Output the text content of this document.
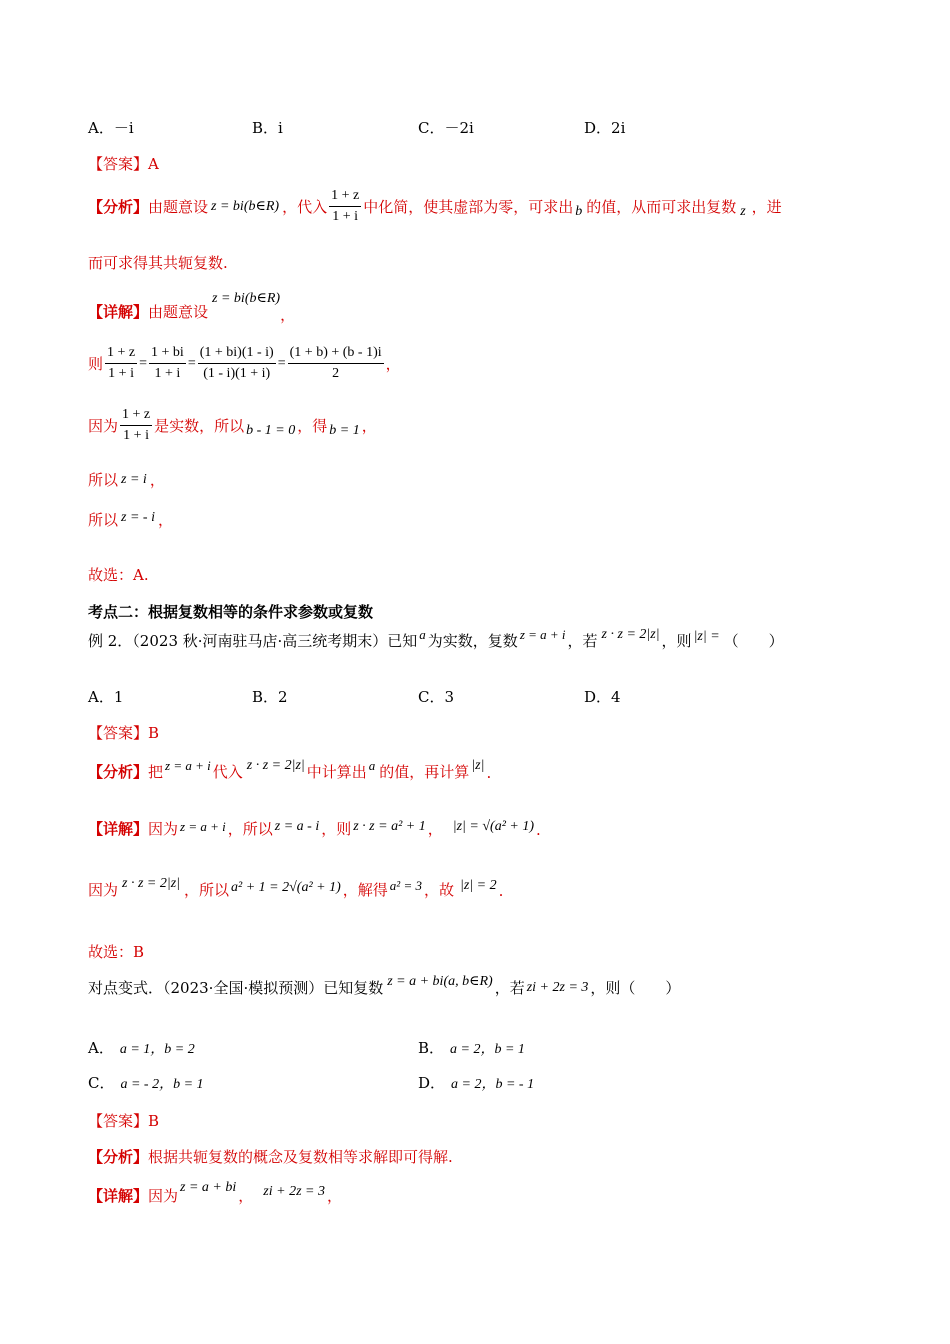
A．－i	B．i	C．－2i	D．2i
【答案】A
【分析】 由题意设 z = bi(b∈R) ，代入 $\frac{1 + z}{1 + i}$ 中化简，使其虚部为零，可求出 b 的值，从而可求出复数 z ，进
而可求得其共轭复数.
【详解】 由题意设
z = bi(b∈R)
，
则 $\frac{1 + z}{1 + i} = \frac{1 + bi}{1 + i} = \frac{(1 + bi)(1 - i)}{(1 - i)(1 + i)} = \frac{(1 + b) + (b - 1)i}{2}$ ，
因为 $\frac{1 + z}{1 + i}$ 是实数，所以 b - 1 = 0 ，得 b = 1 ，
所以 z = i ，
所以 z = - i ，
故选：A.
考点二：根据复数相等的条件求参数或复数
例 2．（2023 秋·河南驻马店·高三统考期末）已知 a 为实数，复数 z = a + i ，若 z · z = 2|z| ，则 |z| = （　　）
A．1	B．2	C．3	D．4
【答案】B
【分析】 把 z = a + i 代入 z · z = 2|z| 中计算出 a 的值，再计算 |z| .
【详解】 因为 z = a + i ，所以 z = a - i ，则 z · z = a² + 1 ， |z| = √(a² + 1) .
因为 z · z = 2|z| ，所以 a² + 1 = 2√(a² + 1) ，解得 a² = 3 ，故 |z| = 2 .
故选：B
对点变式．（2023·全国·模拟预测）已知复数 z = a + bi(a, b∈R) ，若 zi + 2z = 3 ，则（　　）
A． a = 1，b = 2	B． a = 2，b = 1
C． a = - 2，b = 1	D． a = 2，b = - 1
【答案】B
【分析】根据共轭复数的概念及复数相等求解即可得解.
【详解】 因为 z = a + bi ， zi + 2z = 3 ，
